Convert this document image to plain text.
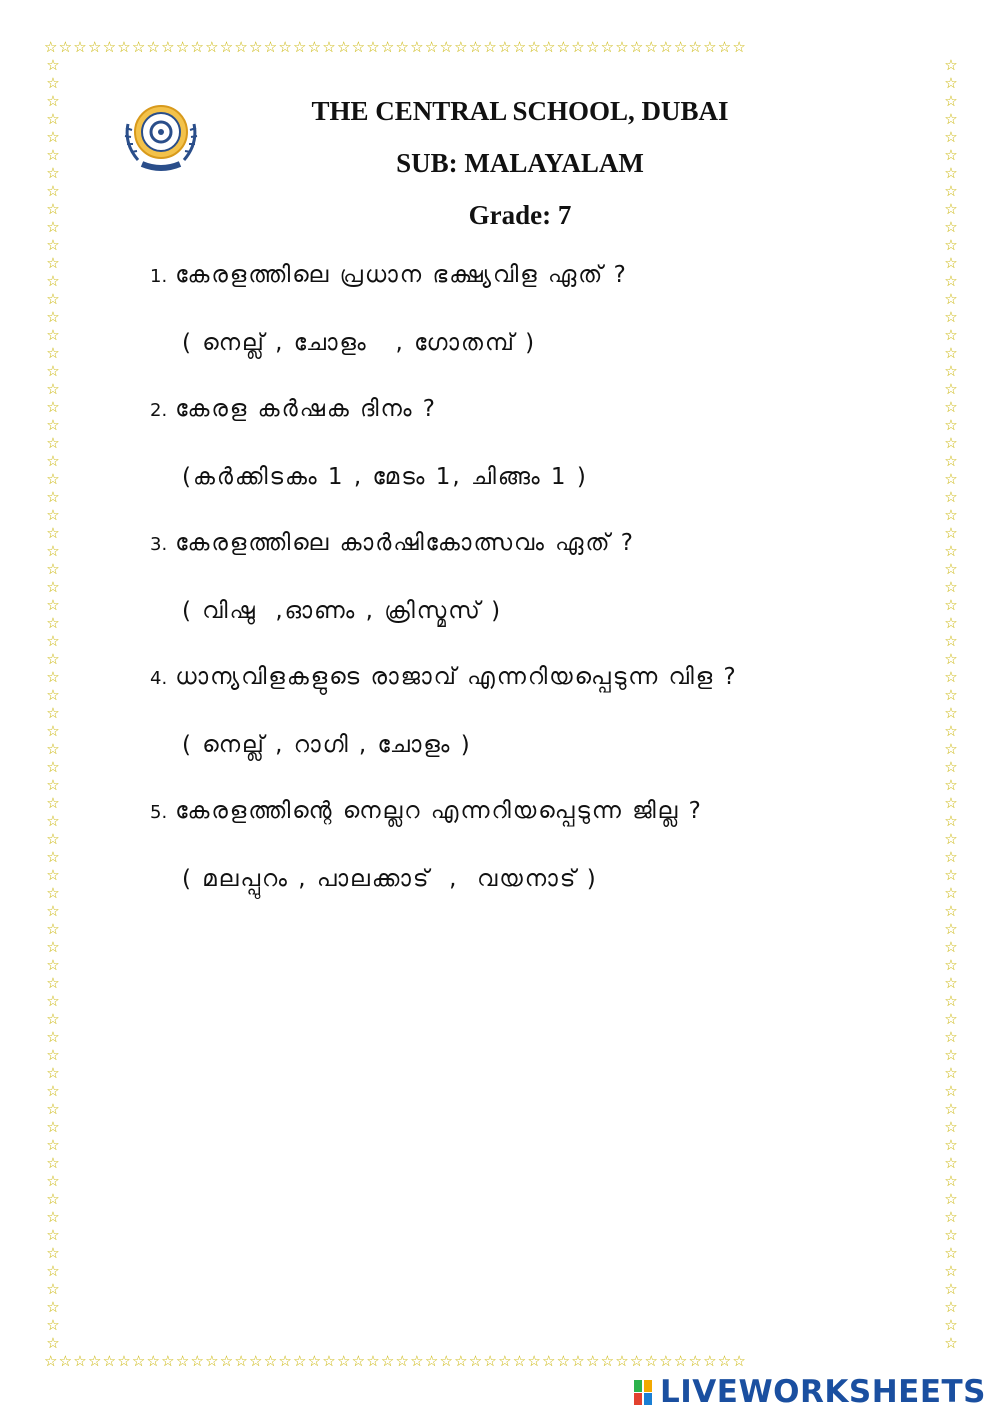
☆☆☆☆☆☆☆☆☆☆☆☆☆☆☆☆☆☆☆☆☆☆☆☆☆☆☆☆☆☆☆☆☆☆☆☆☆☆☆☆☆☆☆☆☆☆☆☆
☆☆☆☆☆☆☆☆☆☆☆☆☆☆☆☆☆☆☆☆☆☆☆☆☆☆☆☆☆☆☆☆☆☆☆☆☆☆☆☆☆☆☆☆☆☆☆☆
☆
☆
☆
☆
☆
☆
☆
☆
☆
☆
☆
☆
☆
☆
☆
☆
☆
☆
☆
☆
☆
☆
☆
☆
☆
☆
☆
☆
☆
☆
☆
☆
☆
☆
☆
☆
☆
☆
☆
☆
☆
☆
☆
☆
☆
☆
☆
☆
☆
☆
☆
☆
☆
☆
☆
☆
☆
☆
☆
☆
☆
☆
☆
☆
☆
☆
☆
☆
☆
☆
☆
☆
☆
☆
☆
☆
☆
☆
☆
☆
☆
☆
☆
☆
☆
☆
☆
☆
☆
☆
☆
☆
☆
☆
☆
☆
☆
☆
☆
☆
☆
☆
☆
☆
☆
☆
☆
☆
☆
☆
☆
☆
☆
☆
☆
☆
☆
☆
☆
☆
☆
☆
☆
☆
☆
☆
☆
☆
☆
☆
☆
☆
☆
☆
☆
☆
☆
☆
☆
☆
☆
☆
☆
☆
THE CENTRAL SCHOOL, DUBAI
SUB: MALAYALAM
Grade: 7
1. കേരളത്തിലെ പ്രധാന ഭക്ഷ്യവിള ഏത് ?
( നെല്ല് , ചോളം   , ഗോതമ്പ് )
2. കേരള കർഷക ദിനം ?
(കർക്കിടകം 1 , മേടം 1, ചിങ്ങം 1 )
3. കേരളത്തിലെ കാർഷികോത്സവം ഏത് ?
( വിഷു  ,ഓണം , ക്രിസ്മസ് )
4. ധാന്യവിളകളുടെ രാജാവ് എന്നറിയപ്പെടുന്ന വിള ?
( നെല്ല് , റാഗി , ചോളം )
5. കേരളത്തിന്റെ നെല്ലറ എന്നറിയപ്പെടുന്ന ജില്ല ?
( മലപ്പുറം , പാലക്കാട്  ,  വയനാട് )
LIVEWORKSHEETS
